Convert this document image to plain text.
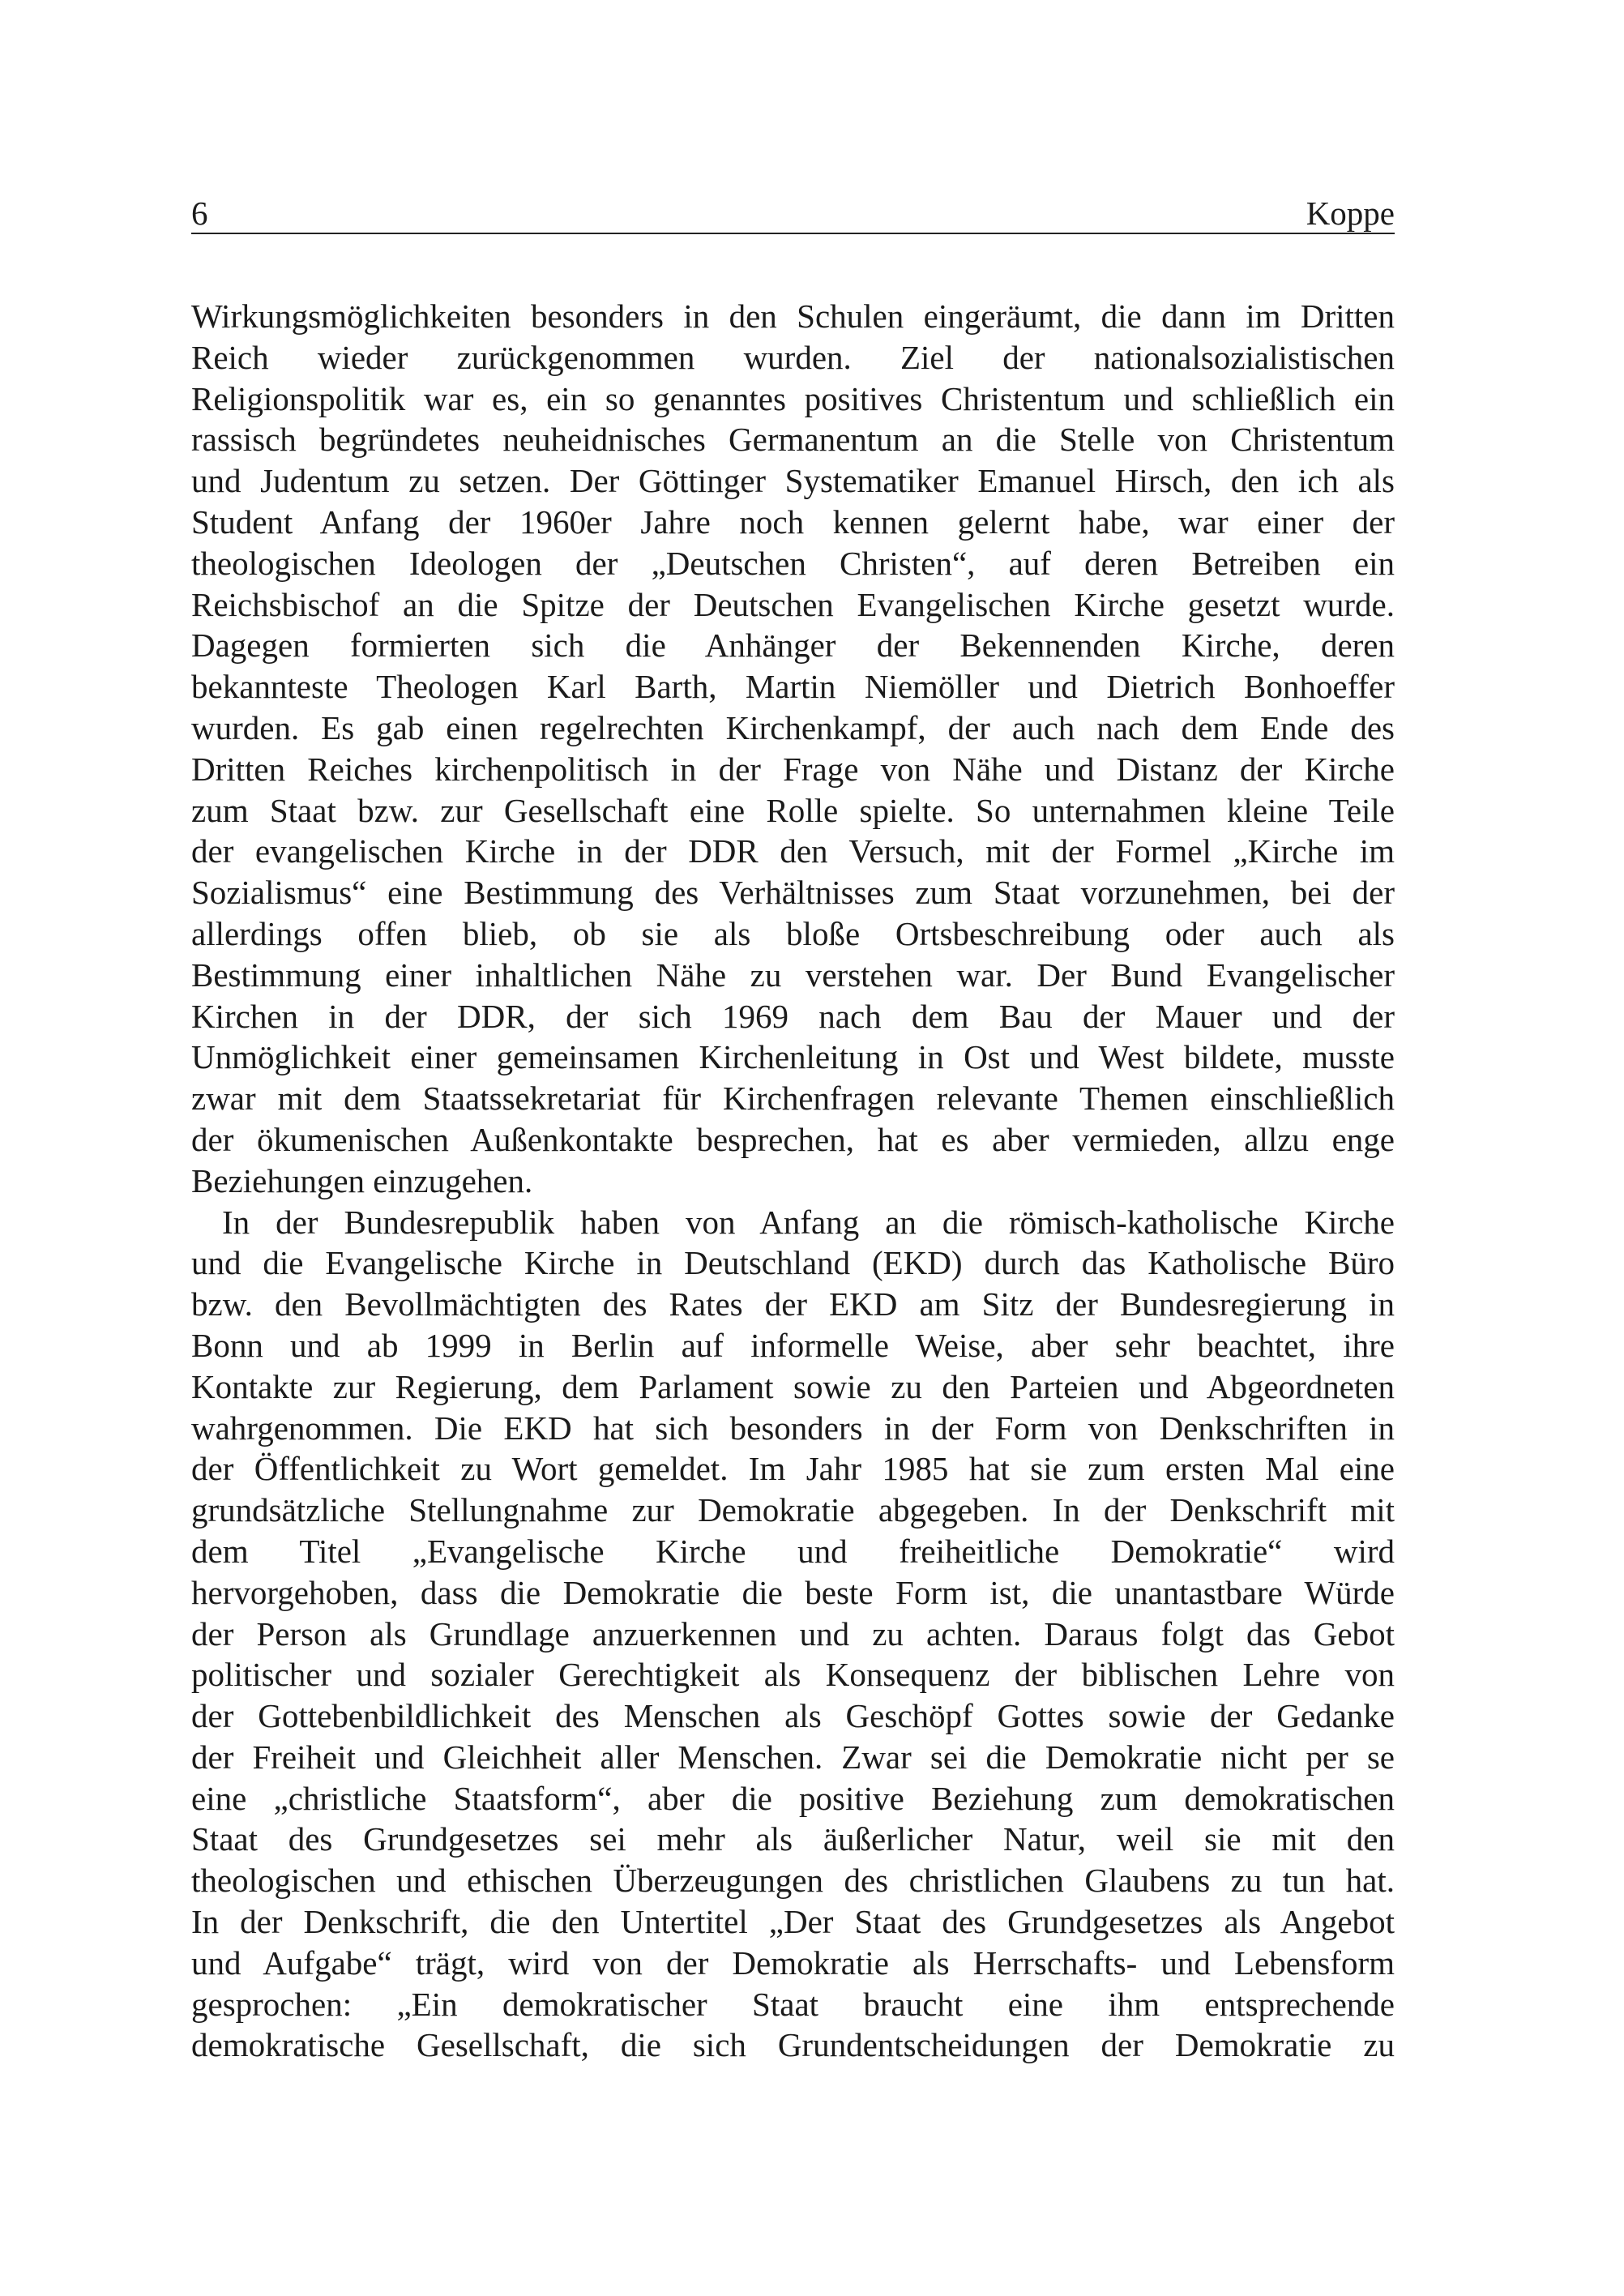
6	Koppe
Wirkungsmöglichkeiten besonders in den Schulen eingeräumt, die dann im Dritten
Reich wieder zurückgenommen wurden. Ziel der nationalsozialistischen
Religionspolitik war es, ein so genanntes positives Christentum und schließlich ein
rassisch begründetes neuheidnisches Germanentum an die Stelle von Christentum
und Judentum zu setzen. Der Göttinger Systematiker Emanuel Hirsch, den ich als
Student Anfang der 1960er Jahre noch kennen gelernt habe, war einer der
theologischen Ideologen der „Deutschen Christen“, auf deren Betreiben ein
Reichsbischof an die Spitze der Deutschen Evangelischen Kirche gesetzt wurde.
Dagegen formierten sich die Anhänger der Bekennenden Kirche, deren
bekannteste Theologen Karl Barth, Martin Niemöller und Dietrich Bonhoeffer
wurden. Es gab einen regelrechten Kirchenkampf, der auch nach dem Ende des
Dritten Reiches kirchenpolitisch in der Frage von Nähe und Distanz der Kirche
zum Staat bzw. zur Gesellschaft eine Rolle spielte. So unternahmen kleine Teile
der evangelischen Kirche in der DDR den Versuch, mit der Formel „Kirche im
Sozialismus“ eine Bestimmung des Verhältnisses zum Staat vorzunehmen, bei der
allerdings offen blieb, ob sie als bloße Ortsbeschreibung oder auch als
Bestimmung einer inhaltlichen Nähe zu verstehen war. Der Bund Evangelischer
Kirchen in der DDR, der sich 1969 nach dem Bau der Mauer und der
Unmöglichkeit einer gemeinsamen Kirchenleitung in Ost und West bildete, musste
zwar mit dem Staatssekretariat für Kirchenfragen relevante Themen einschließlich
der ökumenischen Außenkontakte besprechen, hat es aber vermieden, allzu enge
Beziehungen einzugehen.
In der Bundesrepublik haben von Anfang an die römisch-katholische Kirche
und die Evangelische Kirche in Deutschland (EKD) durch das Katholische Büro
bzw. den Bevollmächtigten des Rates der EKD am Sitz der Bundesregierung in
Bonn und ab 1999 in Berlin auf informelle Weise, aber sehr beachtet, ihre
Kontakte zur Regierung, dem Parlament sowie zu den Parteien und Abgeordneten
wahrgenommen. Die EKD hat sich besonders in der Form von Denkschriften in
der Öffentlichkeit zu Wort gemeldet. Im Jahr 1985 hat sie zum ersten Mal eine
grundsätzliche Stellungnahme zur Demokratie abgegeben. In der Denkschrift mit
dem Titel „Evangelische Kirche und freiheitliche Demokratie“ wird
hervorgehoben, dass die Demokratie die beste Form ist, die unantastbare Würde
der Person als Grundlage anzuerkennen und zu achten. Daraus folgt das Gebot
politischer und sozialer Gerechtigkeit als Konsequenz der biblischen Lehre von
der Gottebenbildlichkeit des Menschen als Geschöpf Gottes sowie der Gedanke
der Freiheit und Gleichheit aller Menschen. Zwar sei die Demokratie nicht per se
eine „christliche Staatsform“, aber die positive Beziehung zum demokratischen
Staat des Grundgesetzes sei mehr als äußerlicher Natur, weil sie mit den
theologischen und ethischen Überzeugungen des christlichen Glaubens zu tun hat.
In der Denkschrift, die den Untertitel „Der Staat des Grundgesetzes als Angebot
und Aufgabe“ trägt, wird von der Demokratie als Herrschafts- und Lebensform
gesprochen: „Ein demokratischer Staat braucht eine ihm entsprechende
demokratische Gesellschaft, die sich Grundentscheidungen der Demokratie zu
